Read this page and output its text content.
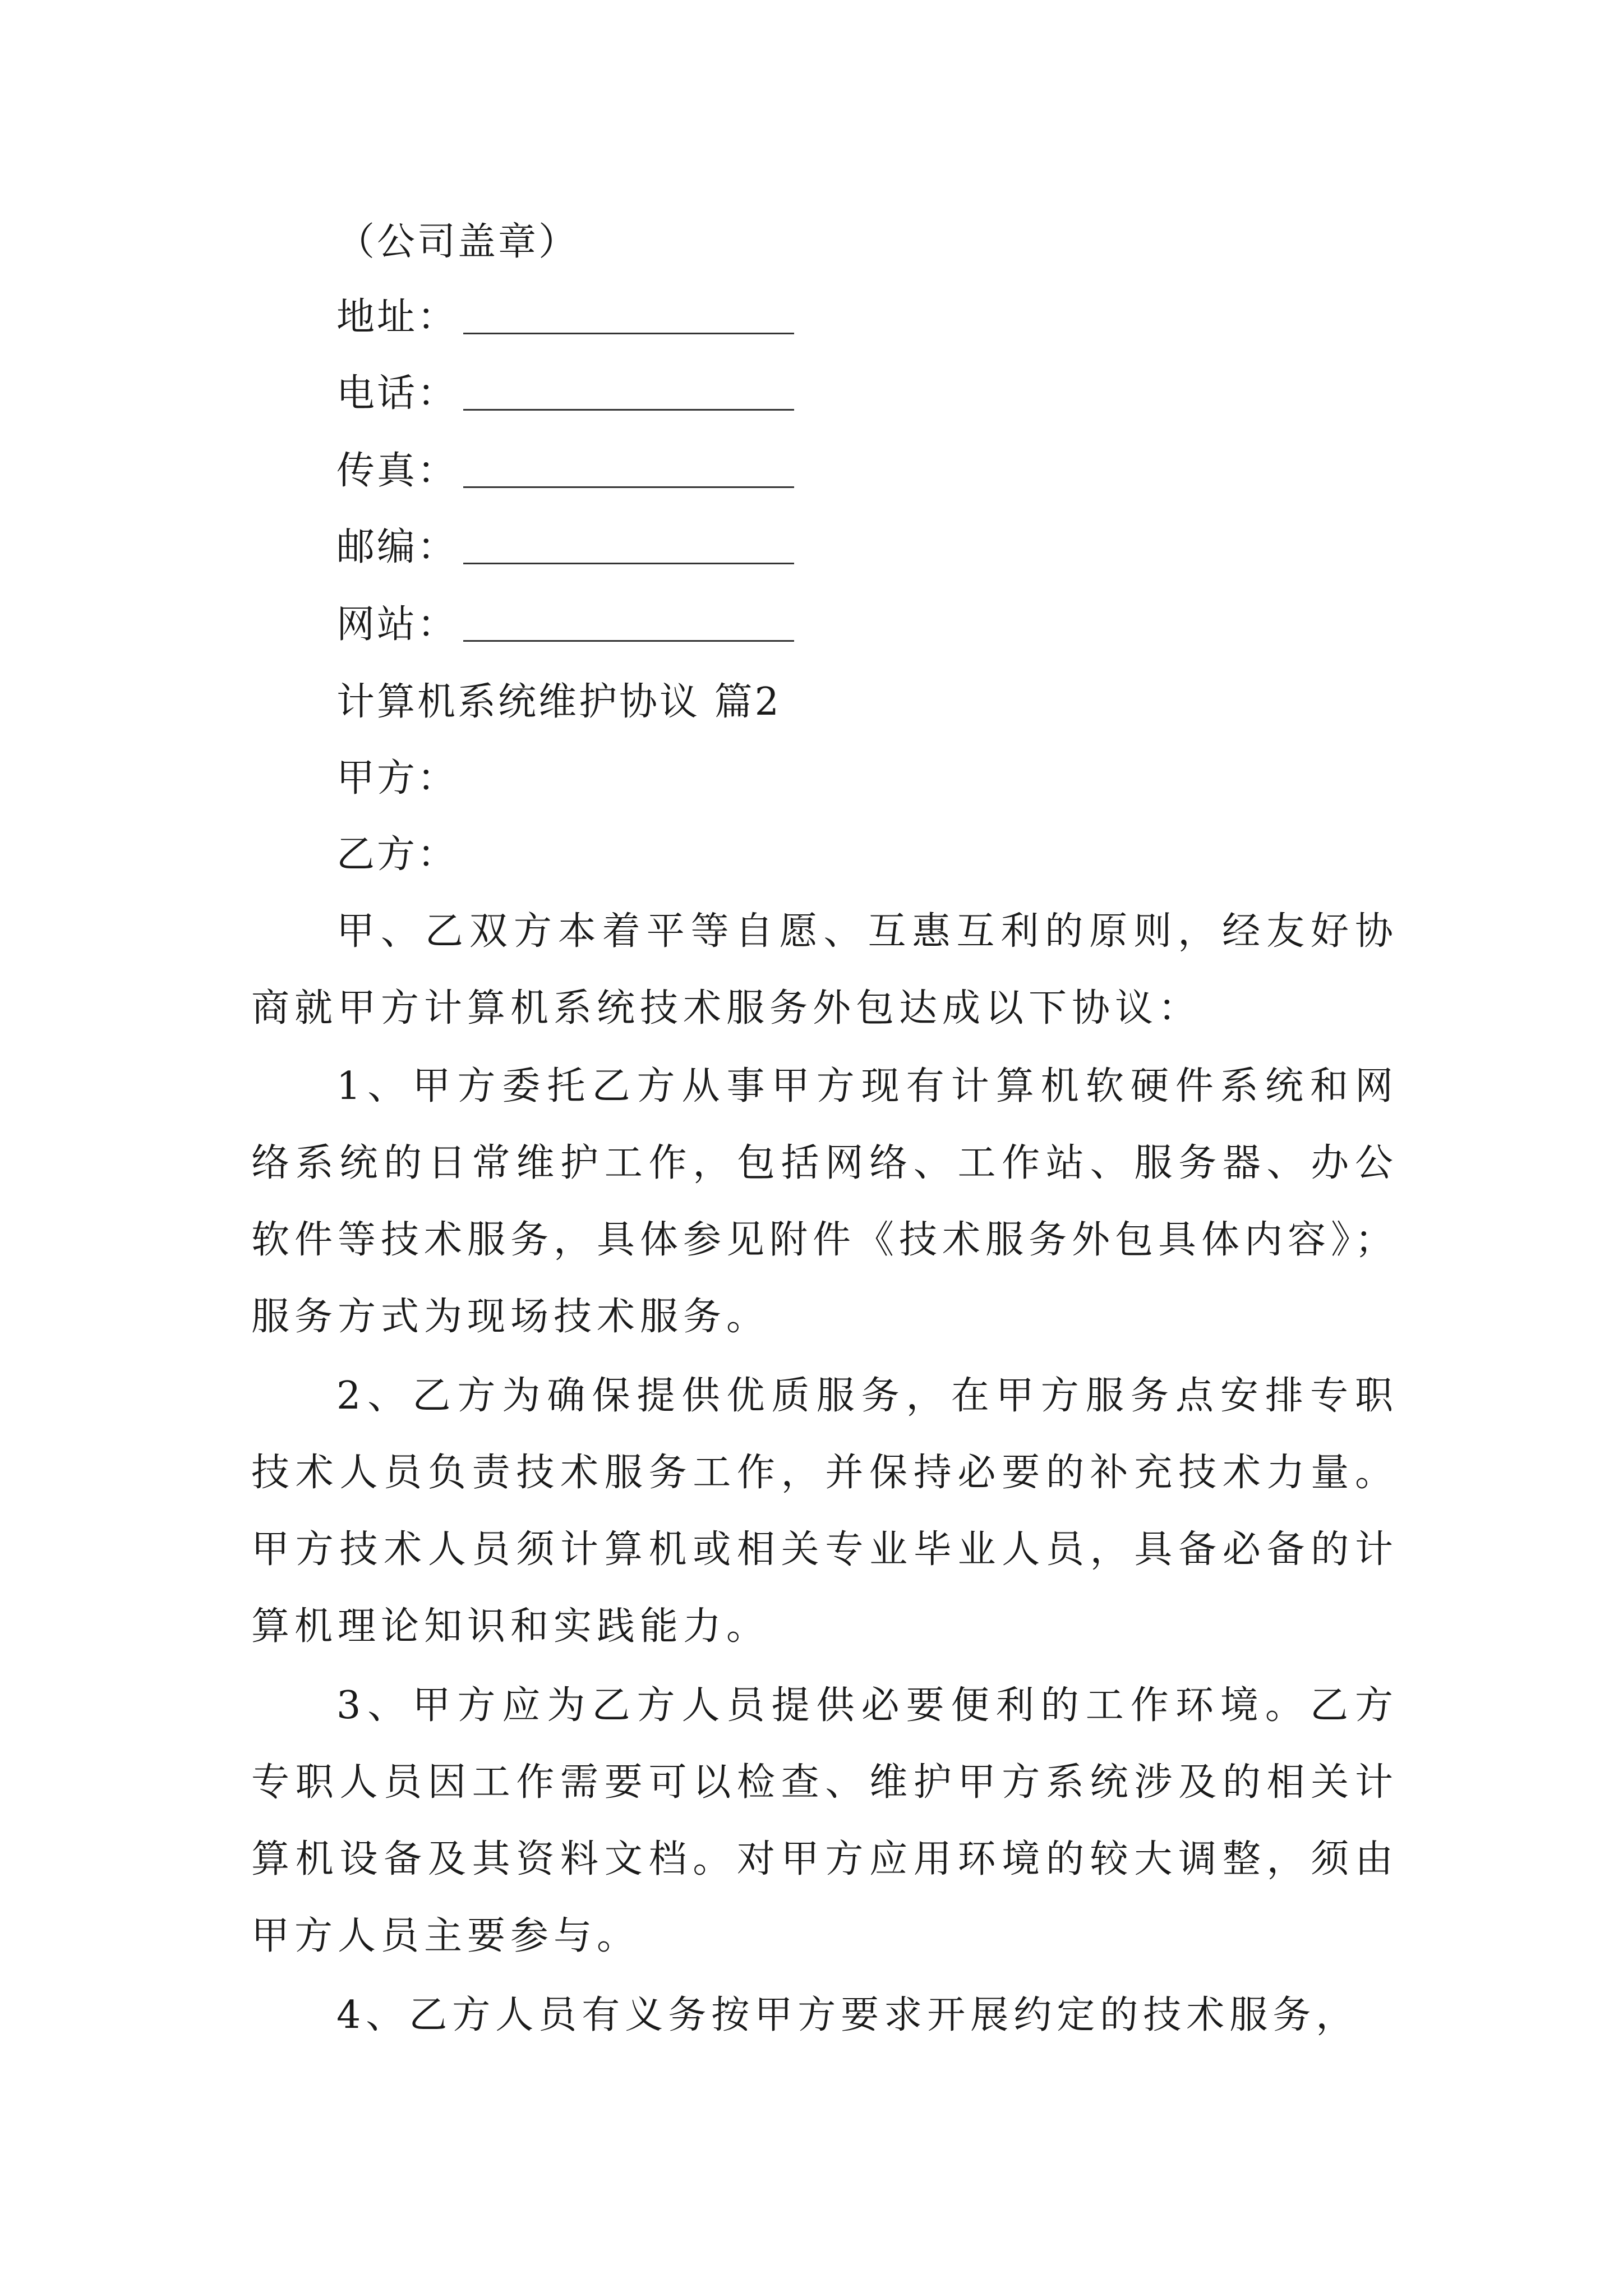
（公司盖章）
地址：
电话：
传真：
邮编：
网站：
计算机系统维护协议 篇2
甲方：
乙方：
甲、乙双方本着平等自愿、互惠互利的原则，经友好协商就甲方计算机系统技术服务外包达成以下协议：
1、甲方委托乙方从事甲方现有计算机软硬件系统和网络系统的日常维护工作，包括网络、工作站、服务器、办公软件等技术服务，具体参见附件《技术服务外包具体内容》；服务方式为现场技术服务。
2、乙方为确保提供优质服务，在甲方服务点安排专职技术人员负责技术服务工作，并保持必要的补充技术力量。甲方技术人员须计算机或相关专业毕业人员，具备必备的计算机理论知识和实践能力。
3、甲方应为乙方人员提供必要便利的工作环境。乙方专职人员因工作需要可以检查、维护甲方系统涉及的相关计算机设备及其资料文档。对甲方应用环境的较大调整，须由甲方人员主要参与。
4、乙方人员有义务按甲方要求开展约定的技术服务，
